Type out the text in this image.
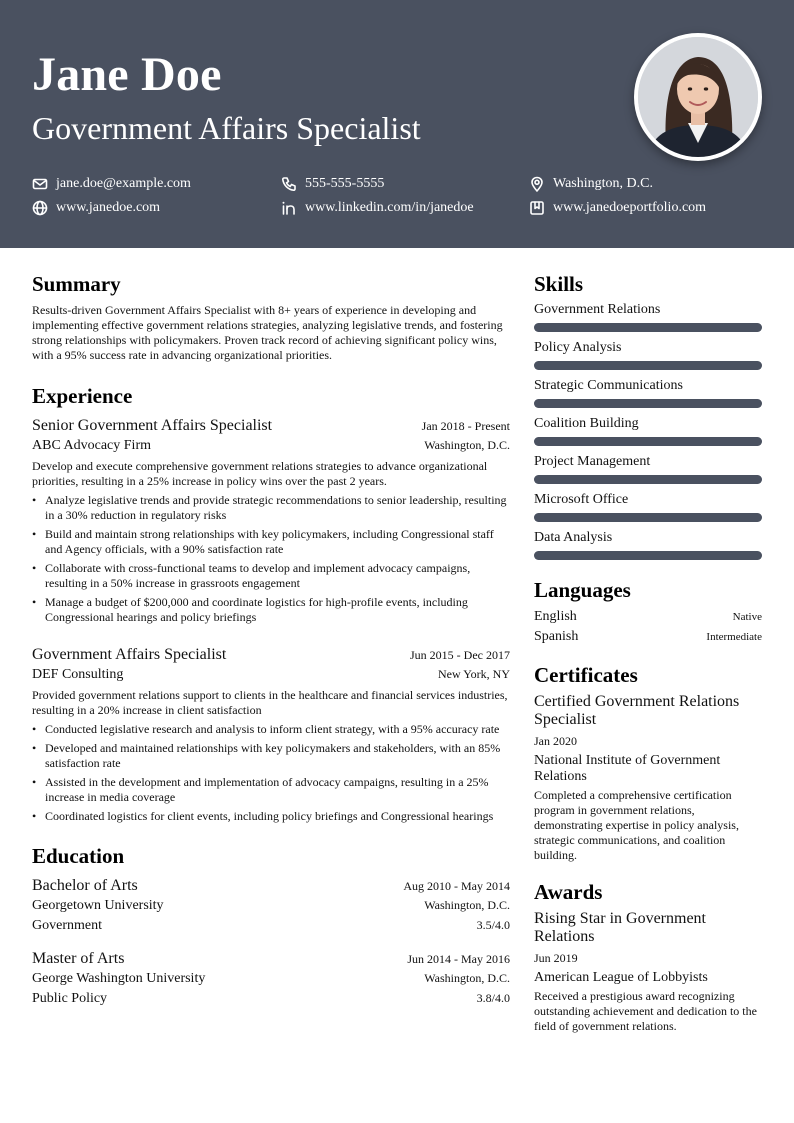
Jane Doe
Government Affairs Specialist
jane.doe@example.com	555-555-5555	Washington, D.C.
www.janedoe.com	www.linkedin.com/in/janedoe	www.janedoeportfolio.com
Summary

Results-driven Government Affairs Specialist with 8+ years of experience in developing and implementing effective government relations strategies, analyzing legislative trends, and fostering strong relationships with policymakers. Proven track record of achieving significant policy wins, with a 95% success rate in advancing organizational priorities.

Experience
Senior Government Affairs Specialist	Jan 2018 - Present
ABC Advocacy Firm	Washington, D.C.

Develop and execute comprehensive government relations strategies to advance organizational priorities, resulting in a 25% increase in policy wins over the past 2 years.

• Analyze legislative trends and provide strategic recommendations to senior leadership, resulting in a 30% reduction in regulatory risks
• Build and maintain strong relationships with key policymakers, including Congressional staff and Agency officials, with a 90% satisfaction rate
• Collaborate with cross-functional teams to develop and implement advocacy campaigns, resulting in a 50% increase in grassroots engagement
• Manage a budget of $200,000 and coordinate logistics for high-profile events, including Congressional hearings and policy briefings
Government Affairs Specialist	Jun 2015 - Dec 2017
DEF Consulting	New York, NY

Provided government relations support to clients in the healthcare and financial services industries, resulting in a 20% increase in client satisfaction

• Conducted legislative research and analysis to inform client strategy, with a 95% accuracy rate
• Developed and maintained relationships with key policymakers and stakeholders, with an 85% satisfaction rate
• Assisted in the development and implementation of advocacy campaigns, resulting in a 25% increase in media coverage
• Coordinated logistics for client events, including policy briefings and Congressional hearings
Education
Bachelor of Arts	Aug 2010 - May 2014
Georgetown University	Washington, D.C.
Government	3.5/4.0
Master of Arts	Jun 2014 - May 2016
George Washington University	Washington, D.C.
Public Policy	3.8/4.0
Skills
Government Relations
Policy Analysis
Strategic Communications
Coalition Building
Project Management
Microsoft Office
Data Analysis
Languages
English	Native
Spanish	Intermediate
Certificates
Certified Government Relations Specialist
Jan 2020
National Institute of Government Relations
Completed a comprehensive certification program in government relations, demonstrating expertise in policy analysis, strategic communications, and coalition building.
Awards
Rising Star in Government Relations
Jun 2019
American League of Lobbyists
Received a prestigious award recognizing outstanding achievement and dedication to the field of government relations.
